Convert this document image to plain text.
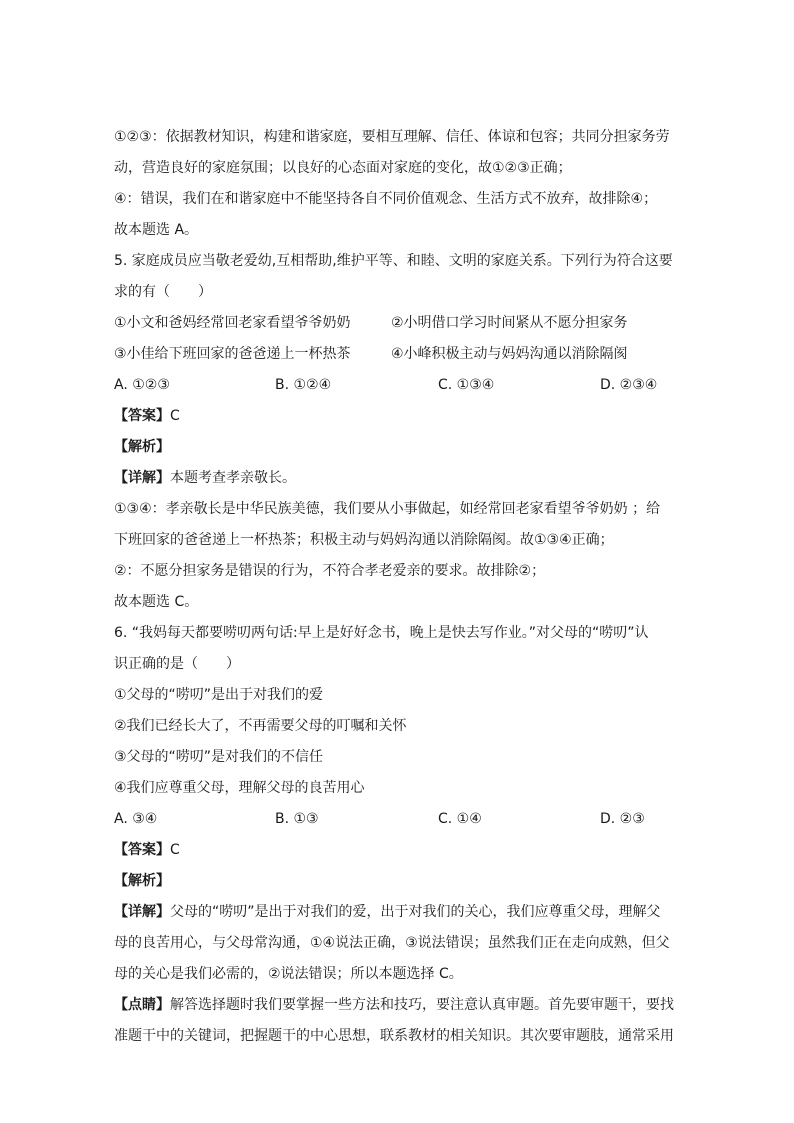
①②③：依据教材知识，构建和谐家庭，要相互理解、信任、体谅和包容；共同分担家务劳
动，营造良好的家庭氛围；以良好的心态面对家庭的变化，故①②③正确；
④：错误，我们在和谐家庭中不能坚持各自不同价值观念、生活方式不放弃，故排除④；
故本题选 A。
5. 家庭成员应当敬老爱幼,互相帮助,维护平等、和睦、文明的家庭关系。下列行为符合这要
求的有（　　）
①小文和爸妈经常回老家看望爷爷奶奶	②小明借口学习时间紧从不愿分担家务
③小佳给下班回家的爸爸递上一杯热茶	④小峰积极主动与妈妈沟通以消除隔阂
A. ①②③	B. ①②④	C. ①③④	D. ②③④
【答案】C
【解析】
【详解】本题考查孝亲敬长。
①③④：孝亲敬长是中华民族美德，我们要从小事做起，如经常回老家看望爷爷奶奶 ；给
下班回家的爸爸递上一杯热茶；积极主动与妈妈沟通以消除隔阂。故①③④正确；
②：不愿分担家务是错误的行为，不符合孝老爱亲的要求。故排除②；
故本题选 C。
6. “我妈每天都要唠叨两句话:早上是好好念书，晚上是快去写作业。”对父母的“唠叨”认
识正确的是（　　）
①父母的“唠叨”是出于对我们的爱
②我们已经长大了，不再需要父母的叮嘱和关怀
③父母的“唠叨”是对我们的不信任
④我们应尊重父母，理解父母的良苦用心
A. ③④	B. ①③	C. ①④	D. ②③
【答案】C
【解析】
【详解】父母的“唠叨”是出于对我们的爱，出于对我们的关心，我们应尊重父母，理解父
母的良苦用心，与父母常沟通，①④说法正确，③说法错误；虽然我们正在走向成熟，但父
母的关心是我们必需的，②说法错误；所以本题选择 C。
【点睛】解答选择题时我们要掌握一些方法和技巧，要注意认真审题。首先要审题干，要找
准题干中的关键词，把握题干的中心思想，联系教材的相关知识。其次要审题肢，通常采用
